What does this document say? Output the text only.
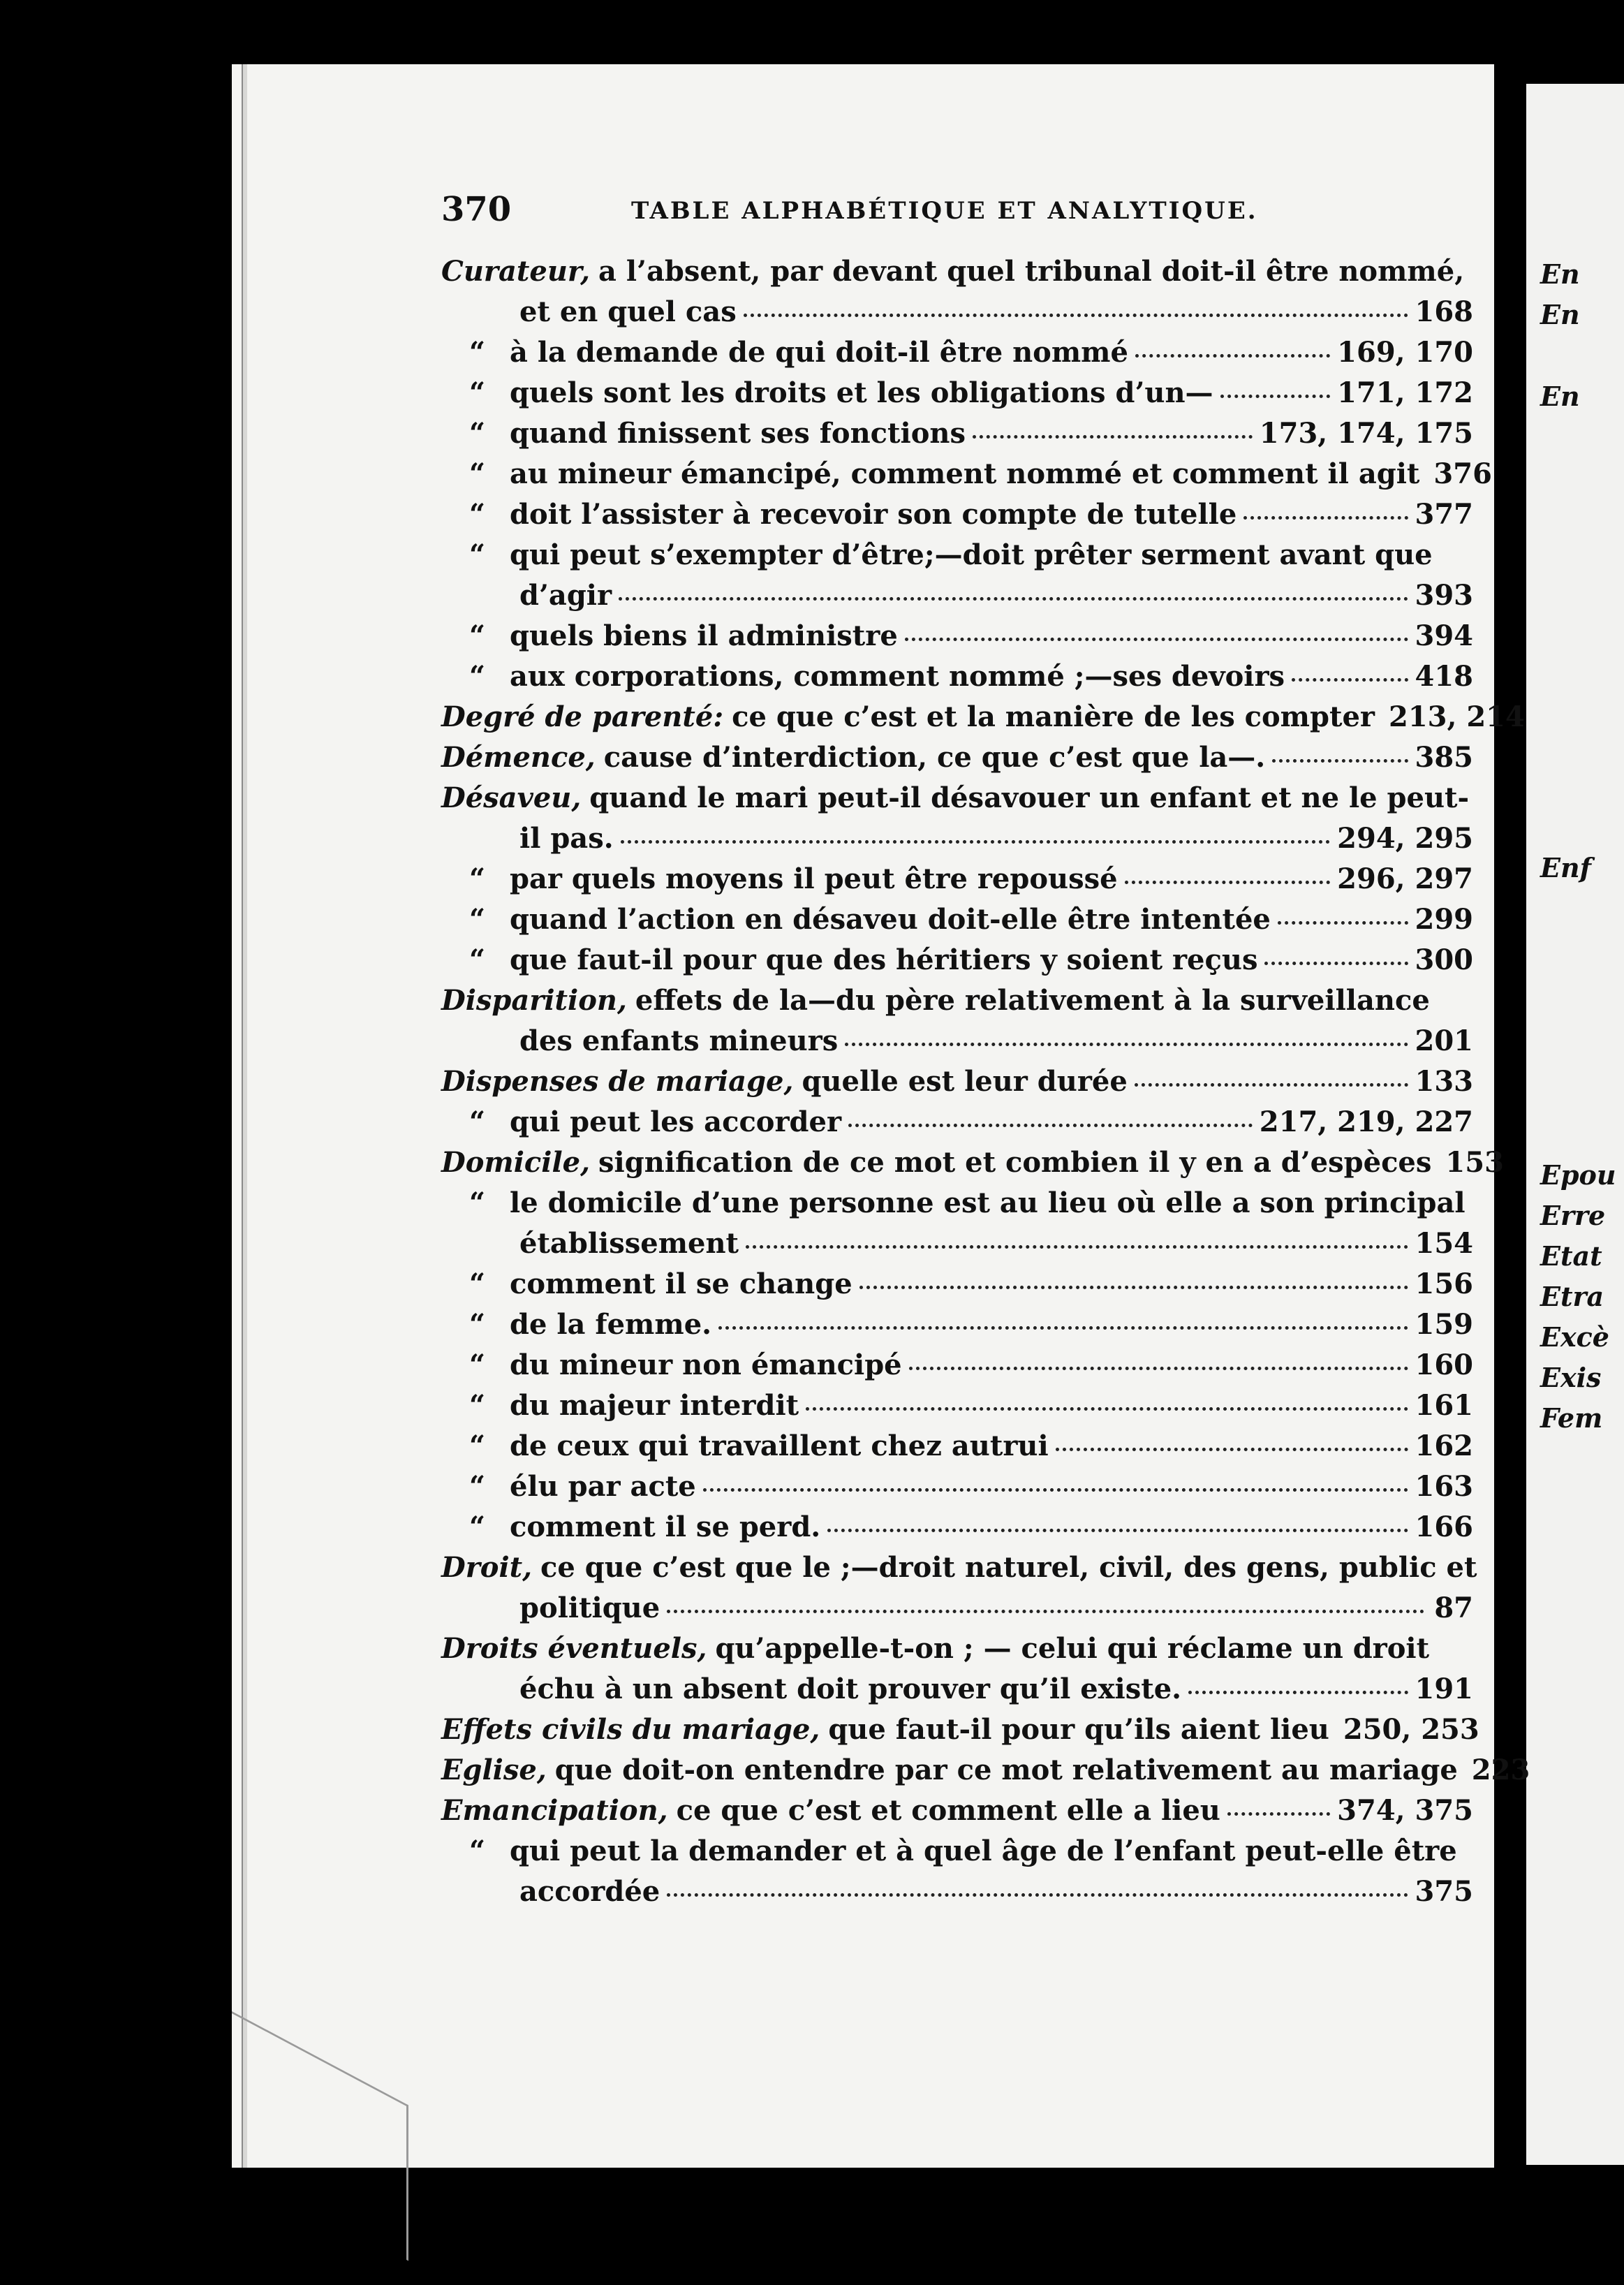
En
En
En
Enf
Epou
Erre
Etat
Etra
Excè
Exis
Fem
370	TABLE ALPHABÉTIQUE ET ANALYTIQUE.
Curateur, a l’absent, par devant quel tribunal doit-il être nommé,
et en quel cas	168
“ à la demande de qui doit-il être nommé	169, 170
“ quels sont les droits et les obligations d’un—	171, 172
“ quand finissent ses fonctions	173, 174, 175
“ au mineur émancipé, comment nommé et comment il agit 376
“ doit l’assister à recevoir son compte de tutelle	377
“ qui peut s’exempter d’être;—doit prêter serment avant que
d’agir	393
“ quels biens il administre	394
“ aux corporations, comment nommé ;—ses devoirs	418
Degré de parenté: ce que c’est et la manière de les compter 213, 214
Démence, cause d’interdiction, ce que c’est que la—.	385
Désaveu, quand le mari peut-il désavouer un enfant et ne le peut-
il pas.	294, 295
“ par quels moyens il peut être repoussé	296, 297
“ quand l’action en désaveu doit-elle être intentée	299
“ que faut-il pour que des héritiers y soient reçus	300
Disparition, effets de la—du père relativement à la surveillance
des enfants mineurs	201
Dispenses de mariage, quelle est leur durée	133
“ qui peut les accorder	217, 219, 227
Domicile, signification de ce mot et combien il y en a d’espèces 153
“ le domicile d’une personne est au lieu où elle a son principal
établissement	154
“ comment il se change	156
“ de la femme.	159
“ du mineur non émancipé	160
“ du majeur interdit	161
“ de ceux qui travaillent chez autrui	162
“ élu par acte	163
“ comment il se perd.	166
Droit, ce que c’est que le ;—droit naturel, civil, des gens, public et
politique	87
Droits éventuels, qu’appelle-t-on ; — celui qui réclame un droit
échu à un absent doit prouver qu’il existe.	191
Effets civils du mariage, que faut-il pour qu’ils aient lieu 250, 253
Eglise, que doit-on entendre par ce mot relativement au mariage 223
Emancipation, ce que c’est et comment elle a lieu	374, 375
“ qui peut la demander et à quel âge de l’enfant peut-elle être
accordée	375
